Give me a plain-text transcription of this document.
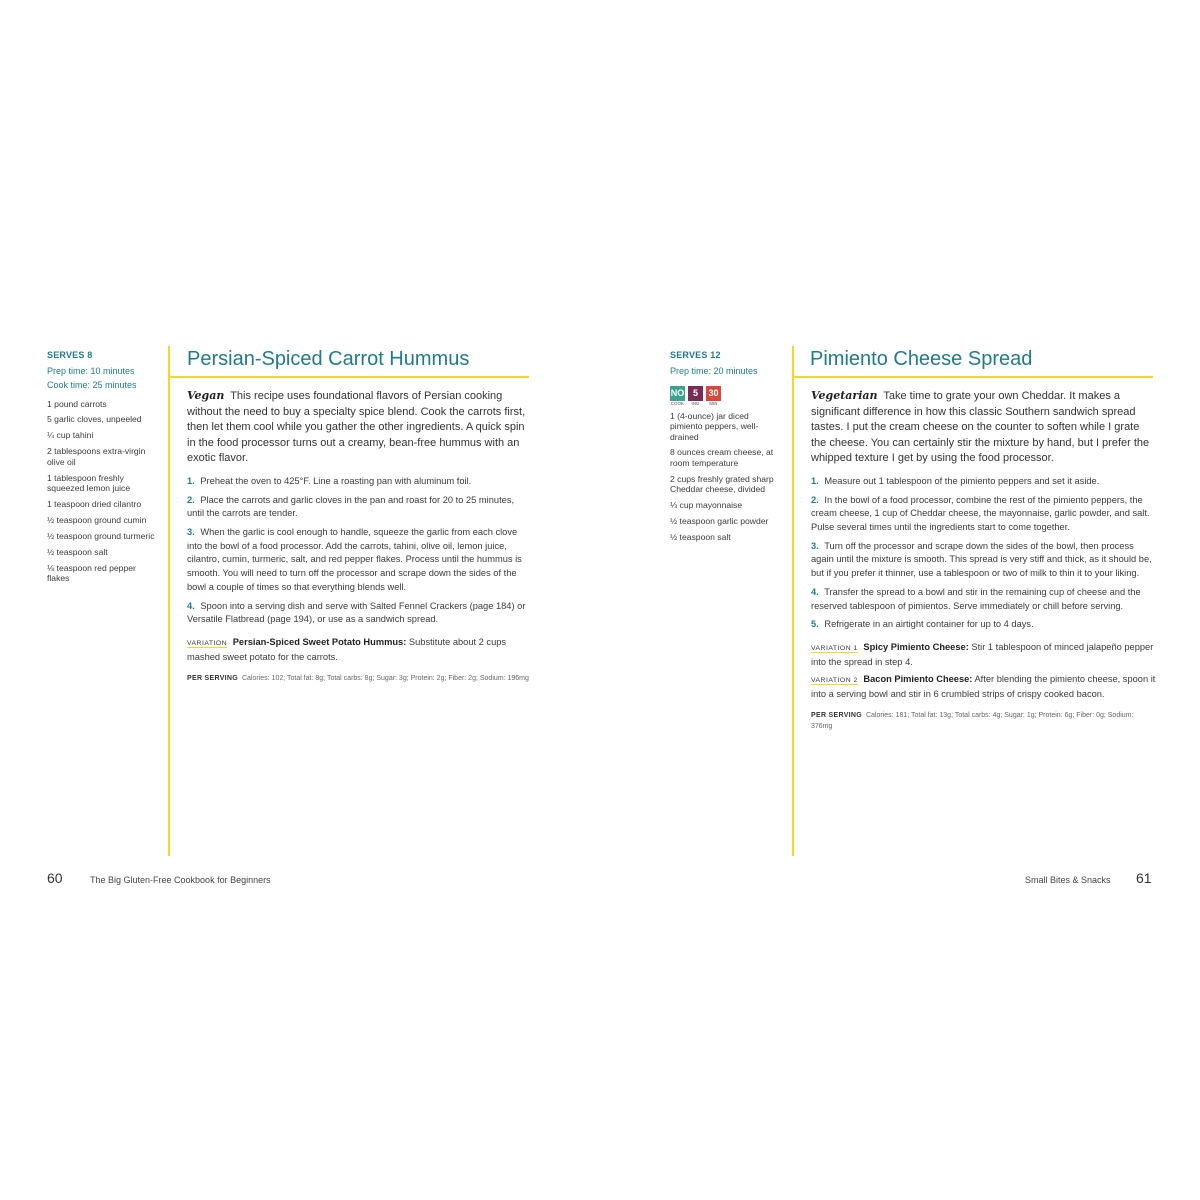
SERVES 8
Prep time: 10 minutes
Cook time: 25 minutes
1 pound carrots
5 garlic cloves, unpeeled
¼ cup tahini
2 tablespoons extra-virgin olive oil
1 tablespoon freshly squeezed lemon juice
1 teaspoon dried cilantro
½ teaspoon ground cumin
½ teaspoon ground turmeric
½ teaspoon salt
⅛ teaspoon red pepper flakes
Persian-Spiced Carrot Hummus

Vegan This recipe uses foundational flavors of Persian cooking without the need to buy a specialty spice blend. Cook the carrots first, then let them cool while you gather the other ingredients. A quick spin in the food processor turns out a creamy, bean-free hummus with an exotic flavor.

1. Preheat the oven to 425°F. Line a roasting pan with aluminum foil.
2. Place the carrots and garlic cloves in the pan and roast for 20 to 25 minutes, until the carrots are tender.
3. When the garlic is cool enough to handle, squeeze the garlic from each clove into the bowl of a food processor. Add the carrots, tahini, olive oil, lemon juice, cilantro, cumin, turmeric, salt, and red pepper flakes. Process until the hummus is smooth. You will need to turn off the processor and scrape down the sides of the bowl a couple of times so that everything blends well.
4. Spoon into a serving dish and serve with Salted Fennel Crackers (page 184) or Versatile Flatbread (page 194), or use as a sandwich spread.
VARIATION Persian-Spiced Sweet Potato Hummus: Substitute about 2 cups mashed sweet potato for the carrots.
PER SERVING Calories: 102; Total fat: 8g; Total carbs: 8g; Sugar: 3g; Protein: 2g; Fiber: 2g; Sodium: 196mg
60	The Big Gluten-Free Cookbook for Beginners
SERVES 12
Prep time: 20 minutes
NO
COOK
5
ING
30
MIN
1 (4-ounce) jar diced pimiento peppers, well-drained
8 ounces cream cheese, at room temperature
2 cups freshly grated sharp Cheddar cheese, divided
⅓ cup mayonnaise
½ teaspoon garlic powder
½ teaspoon salt
Pimiento Cheese Spread

Vegetarian Take time to grate your own Cheddar. It makes a significant difference in how this classic Southern sandwich spread tastes. I put the cream cheese on the counter to soften while I grate the cheese. You can certainly stir the mixture by hand, but I prefer the whipped texture I get by using the food processor.

1. Measure out 1 tablespoon of the pimiento peppers and set it aside.
2. In the bowl of a food processor, combine the rest of the pimiento peppers, the cream cheese, 1 cup of Cheddar cheese, the mayonnaise, garlic powder, and salt. Pulse several times until the ingredients start to come together.
3. Turn off the processor and scrape down the sides of the bowl, then process again until the mixture is smooth. This spread is very stiff and thick, as it should be, but if you prefer it thinner, use a tablespoon or two of milk to thin it to your liking.
4. Transfer the spread to a bowl and stir in the remaining cup of cheese and the reserved tablespoon of pimientos. Serve immediately or chill before serving.
5. Refrigerate in an airtight container for up to 4 days.
VARIATION 1 Spicy Pimiento Cheese: Stir 1 tablespoon of minced jalapeño pepper into the spread in step 4.
VARIATION 2 Bacon Pimiento Cheese: After blending the pimiento cheese, spoon it into a serving bowl and stir in 6 crumbled strips of crispy cooked bacon.
PER SERVING Calories: 181; Total fat: 13g; Total carbs: 4g; Sugar: 1g; Protein: 6g; Fiber: 0g; Sodium: 376mg
Small Bites & Snacks 61
